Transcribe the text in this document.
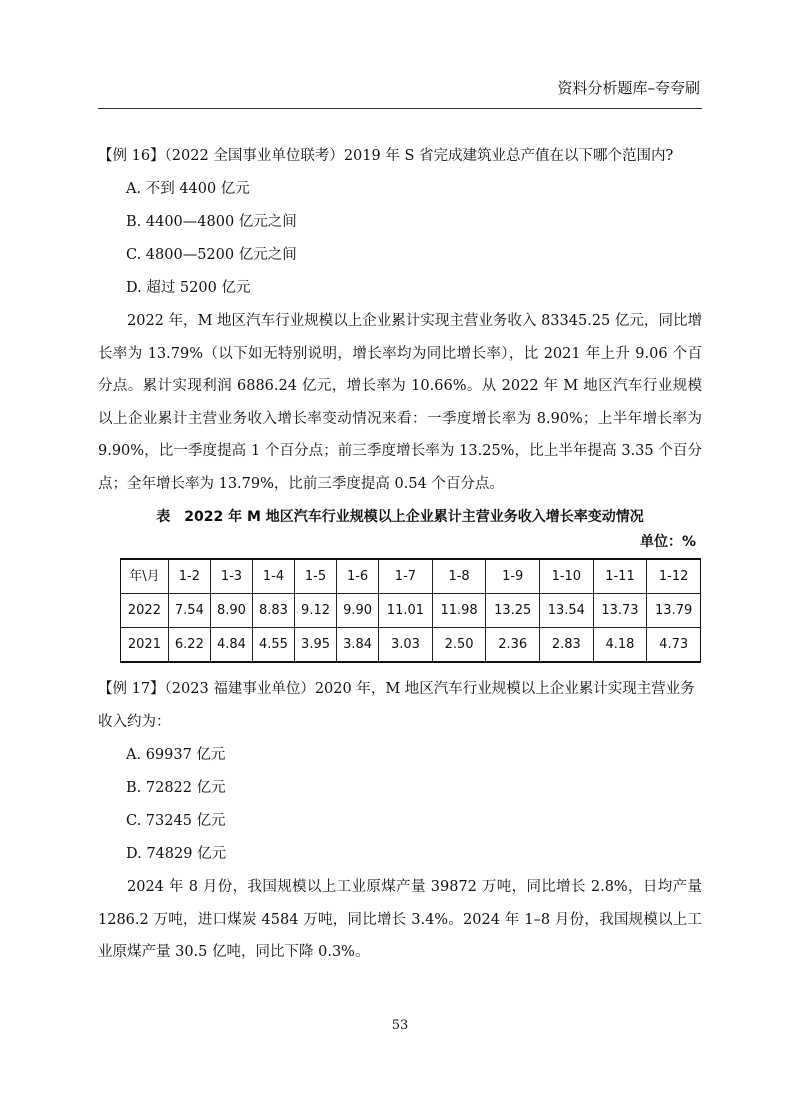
资料分析题库–夸夸刷

【例 16】（2022 全国事业单位联考）2019 年 S 省完成建筑业总产值在以下哪个范围内?

A. 不到 4400 亿元

B. 4400—4800 亿元之间

C. 4800—5200 亿元之间

D. 超过 5200 亿元

2022 年，M 地区汽车行业规模以上企业累计实现主营业务收入 83345.25 亿元，同比增长率为 13.79%（以下如无特别说明，增长率均为同比增长率），比 2021 年上升 9.06 个百分点。累计实现利润 6886.24 亿元，增长率为 10.66%。从 2022 年 M 地区汽车行业规模以上企业累计主营业务收入增长率变动情况来看：一季度增长率为 8.90%；上半年增长率为 9.90%，比一季度提高 1 个百分点；前三季度增长率为 13.25%，比上半年提高 3.35 个百分点；全年增长率为 13.79%，比前三季度提高 0.54 个百分点。

表　2022 年 M 地区汽车行业规模以上企业累计主营业务收入增长率变动情况
单位：%
年\月	1-2	1-3	1-4	1-5	1-6	1-7	1-8	1-9	1-10	1-11	1-12
2022	7.54	8.90	8.83	9.12	9.90	11.01	11.98	13.25	13.54	13.73	13.79
2021	6.22	4.84	4.55	3.95	3.84	3.03	2.50	2.36	2.83	4.18	4.73

【例 17】（2023 福建事业单位）2020 年，M 地区汽车行业规模以上企业累计实现主营业务收入约为：

A. 69937 亿元

B. 72822 亿元

C. 73245 亿元

D. 74829 亿元

2024 年 8 月份，我国规模以上工业原煤产量 39872 万吨，同比增长 2.8%，日均产量 1286.2 万吨，进口煤炭 4584 万吨，同比增长 3.4%。2024 年 1–8 月份，我国规模以上工业原煤产量 30.5 亿吨，同比下降 0.3%。

53
